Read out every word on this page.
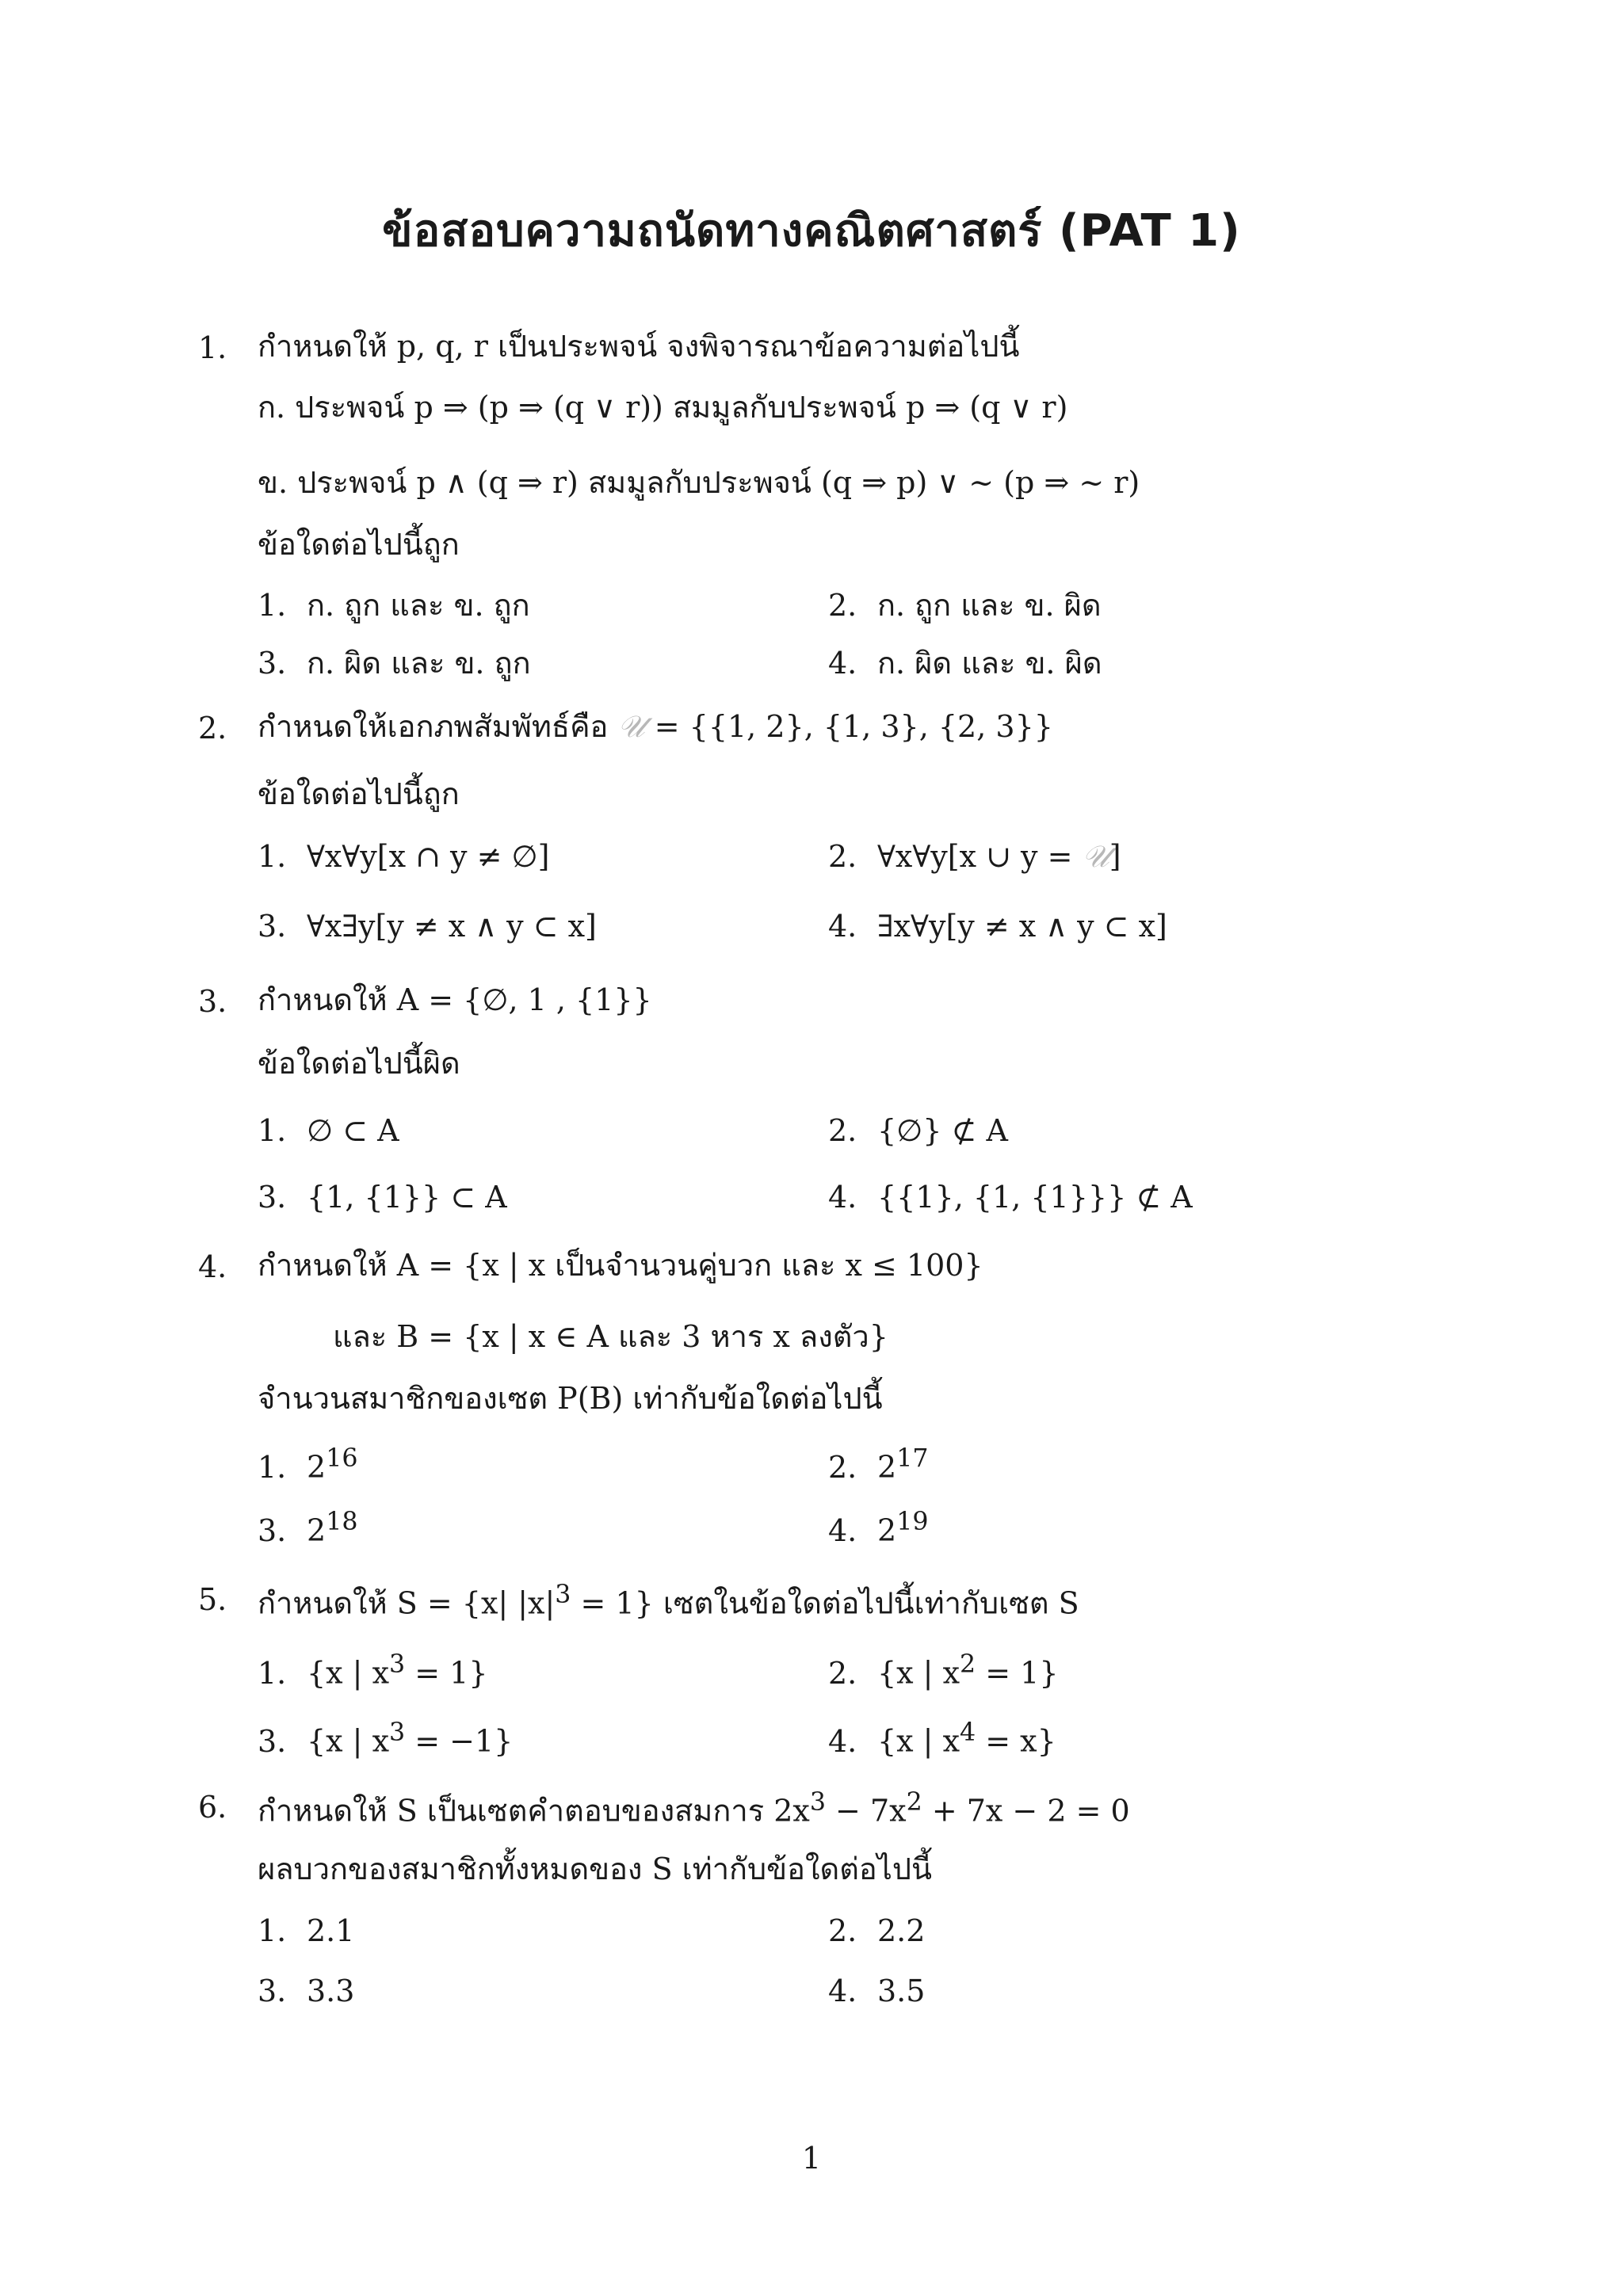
ข้อสอบความถนัดทางคณิตศาสตร์ (PAT 1)
1. กำหนดให้ p, q, r เป็นประพจน์ จงพิจารณาข้อความต่อไปนี้
ก. ประพจน์ p ⇒ (p ⇒ (q ∨ r)) สมมูลกับประพจน์ p ⇒ (q ∨ r)
ข. ประพจน์ p ∧ (q ⇒ r) สมมูลกับประพจน์ (q ⇒ p) ∨ ~ (p ⇒ ~ r)
ข้อใดต่อไปนี้ถูก
1. ก. ถูก และ ข. ถูก	2. ก. ถูก และ ข. ผิด
3. ก. ผิด และ ข. ถูก	4. ก. ผิด และ ข. ผิด
2. กำหนดให้เอกภพสัมพัทธ์คือ 𝒰 = {{1, 2}, {1, 3}, {2, 3}}
ข้อใดต่อไปนี้ถูก
1. ∀x∀y[x ∩ y ≠ ∅]	2. ∀x∀y[x ∪ y = 𝒰]
3. ∀x∃y[y ≠ x ∧ y ⊂ x]	4. ∃x∀y[y ≠ x ∧ y ⊂ x]
3. กำหนดให้ A = {∅, 1 , {1}}
ข้อใดต่อไปนี้ผิด
1. ∅ ⊂ A	2. {∅} ⊄ A
3. {1, {1}} ⊂ A	4. {{1}, {1, {1}}} ⊄ A
4. กำหนดให้ A = {x | x เป็นจำนวนคู่บวก และ x ≤ 100}
และ B = {x | x ∈ A และ 3 หาร x ลงตัว}
จำนวนสมาชิกของเซต P(B) เท่ากับข้อใดต่อไปนี้
1. $2^{16}$	2. $2^{17}$
3. $2^{18}$	4. $2^{19}$
5. กำหนดให้ S = {x| $|x|^3 = 1$} เซตในข้อใดต่อไปนี้เท่ากับเซต S
1. {x | $x^3 = 1$}	2. {x | $x^2 = 1$}
3. {x | $x^3 = -1$}	4. {x | $x^4 = x$}
6. กำหนดให้ S เป็นเซตคำตอบของสมการ $2x^3 - 7x^2 + 7x - 2 = 0$
ผลบวกของสมาชิกทั้งหมดของ S เท่ากับข้อใดต่อไปนี้
1. 2.1	2. 2.2
3. 3.3	4. 3.5
1
